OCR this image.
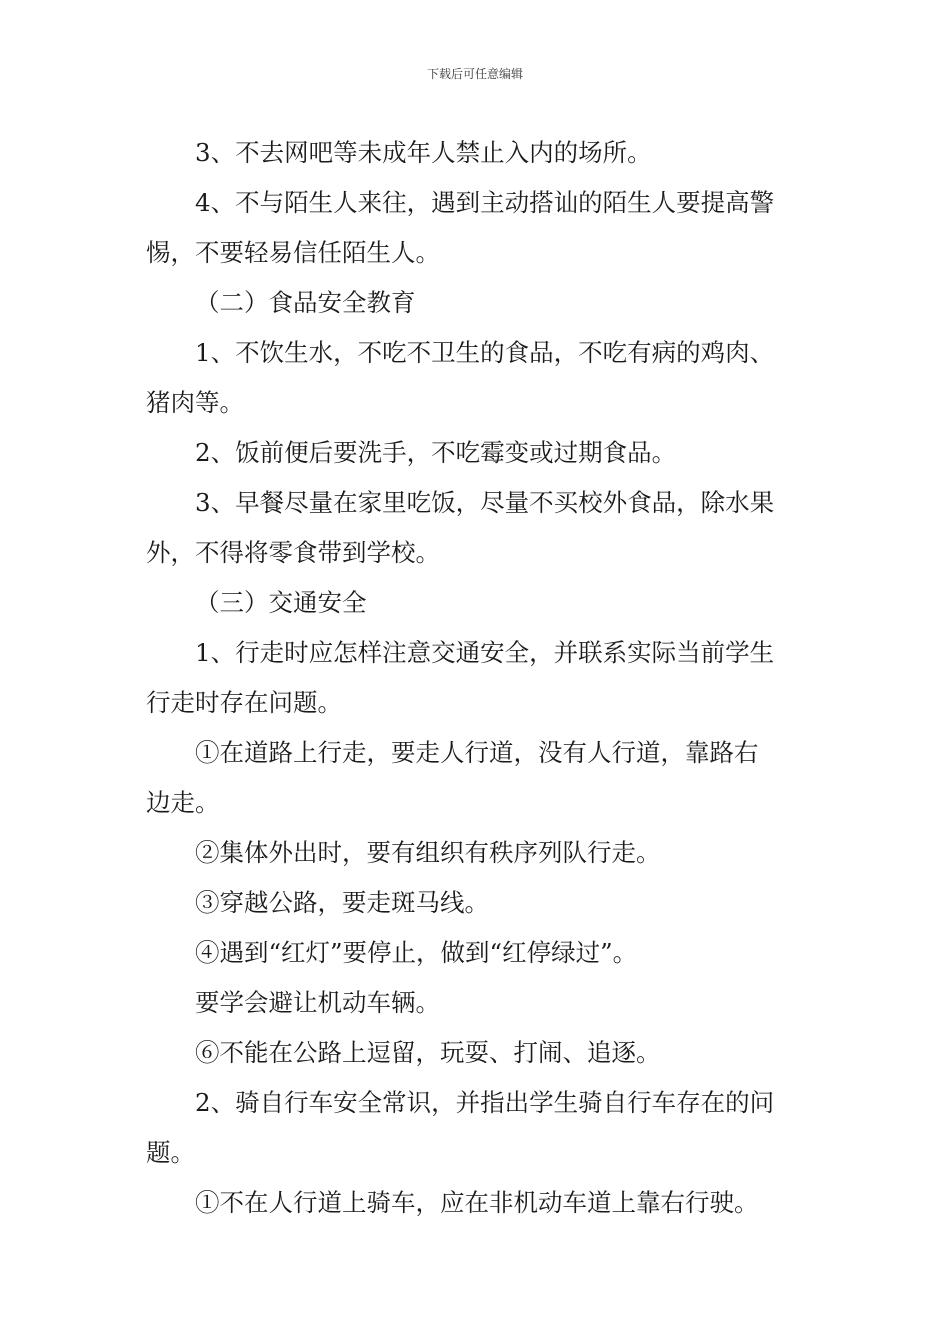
下载后可任意编辑

3、不去网吧等未成年人禁止入内的场所。

4、不与陌生人来往，遇到主动搭讪的陌生人要提高警

惕，不要轻易信任陌生人。

（二）食品安全教育

1、不饮生水，不吃不卫生的食品，不吃有病的鸡肉、

猪肉等。

2、饭前便后要洗手，不吃霉变或过期食品。

3、早餐尽量在家里吃饭，尽量不买校外食品，除水果

外，不得将零食带到学校。

（三）交通安全

1、行走时应怎样注意交通安全，并联系实际当前学生

行走时存在问题。

①在道路上行走，要走人行道，没有人行道，靠路右

边走。

②集体外出时，要有组织有秩序列队行走。

③穿越公路，要走斑马线。

④遇到“红灯”要停止，做到“红停绿过”。

要学会避让机动车辆。

⑥不能在公路上逗留，玩耍、打闹、追逐。

2、骑自行车安全常识，并指出学生骑自行车存在的问

题。

①不在人行道上骑车，应在非机动车道上靠右行驶。
